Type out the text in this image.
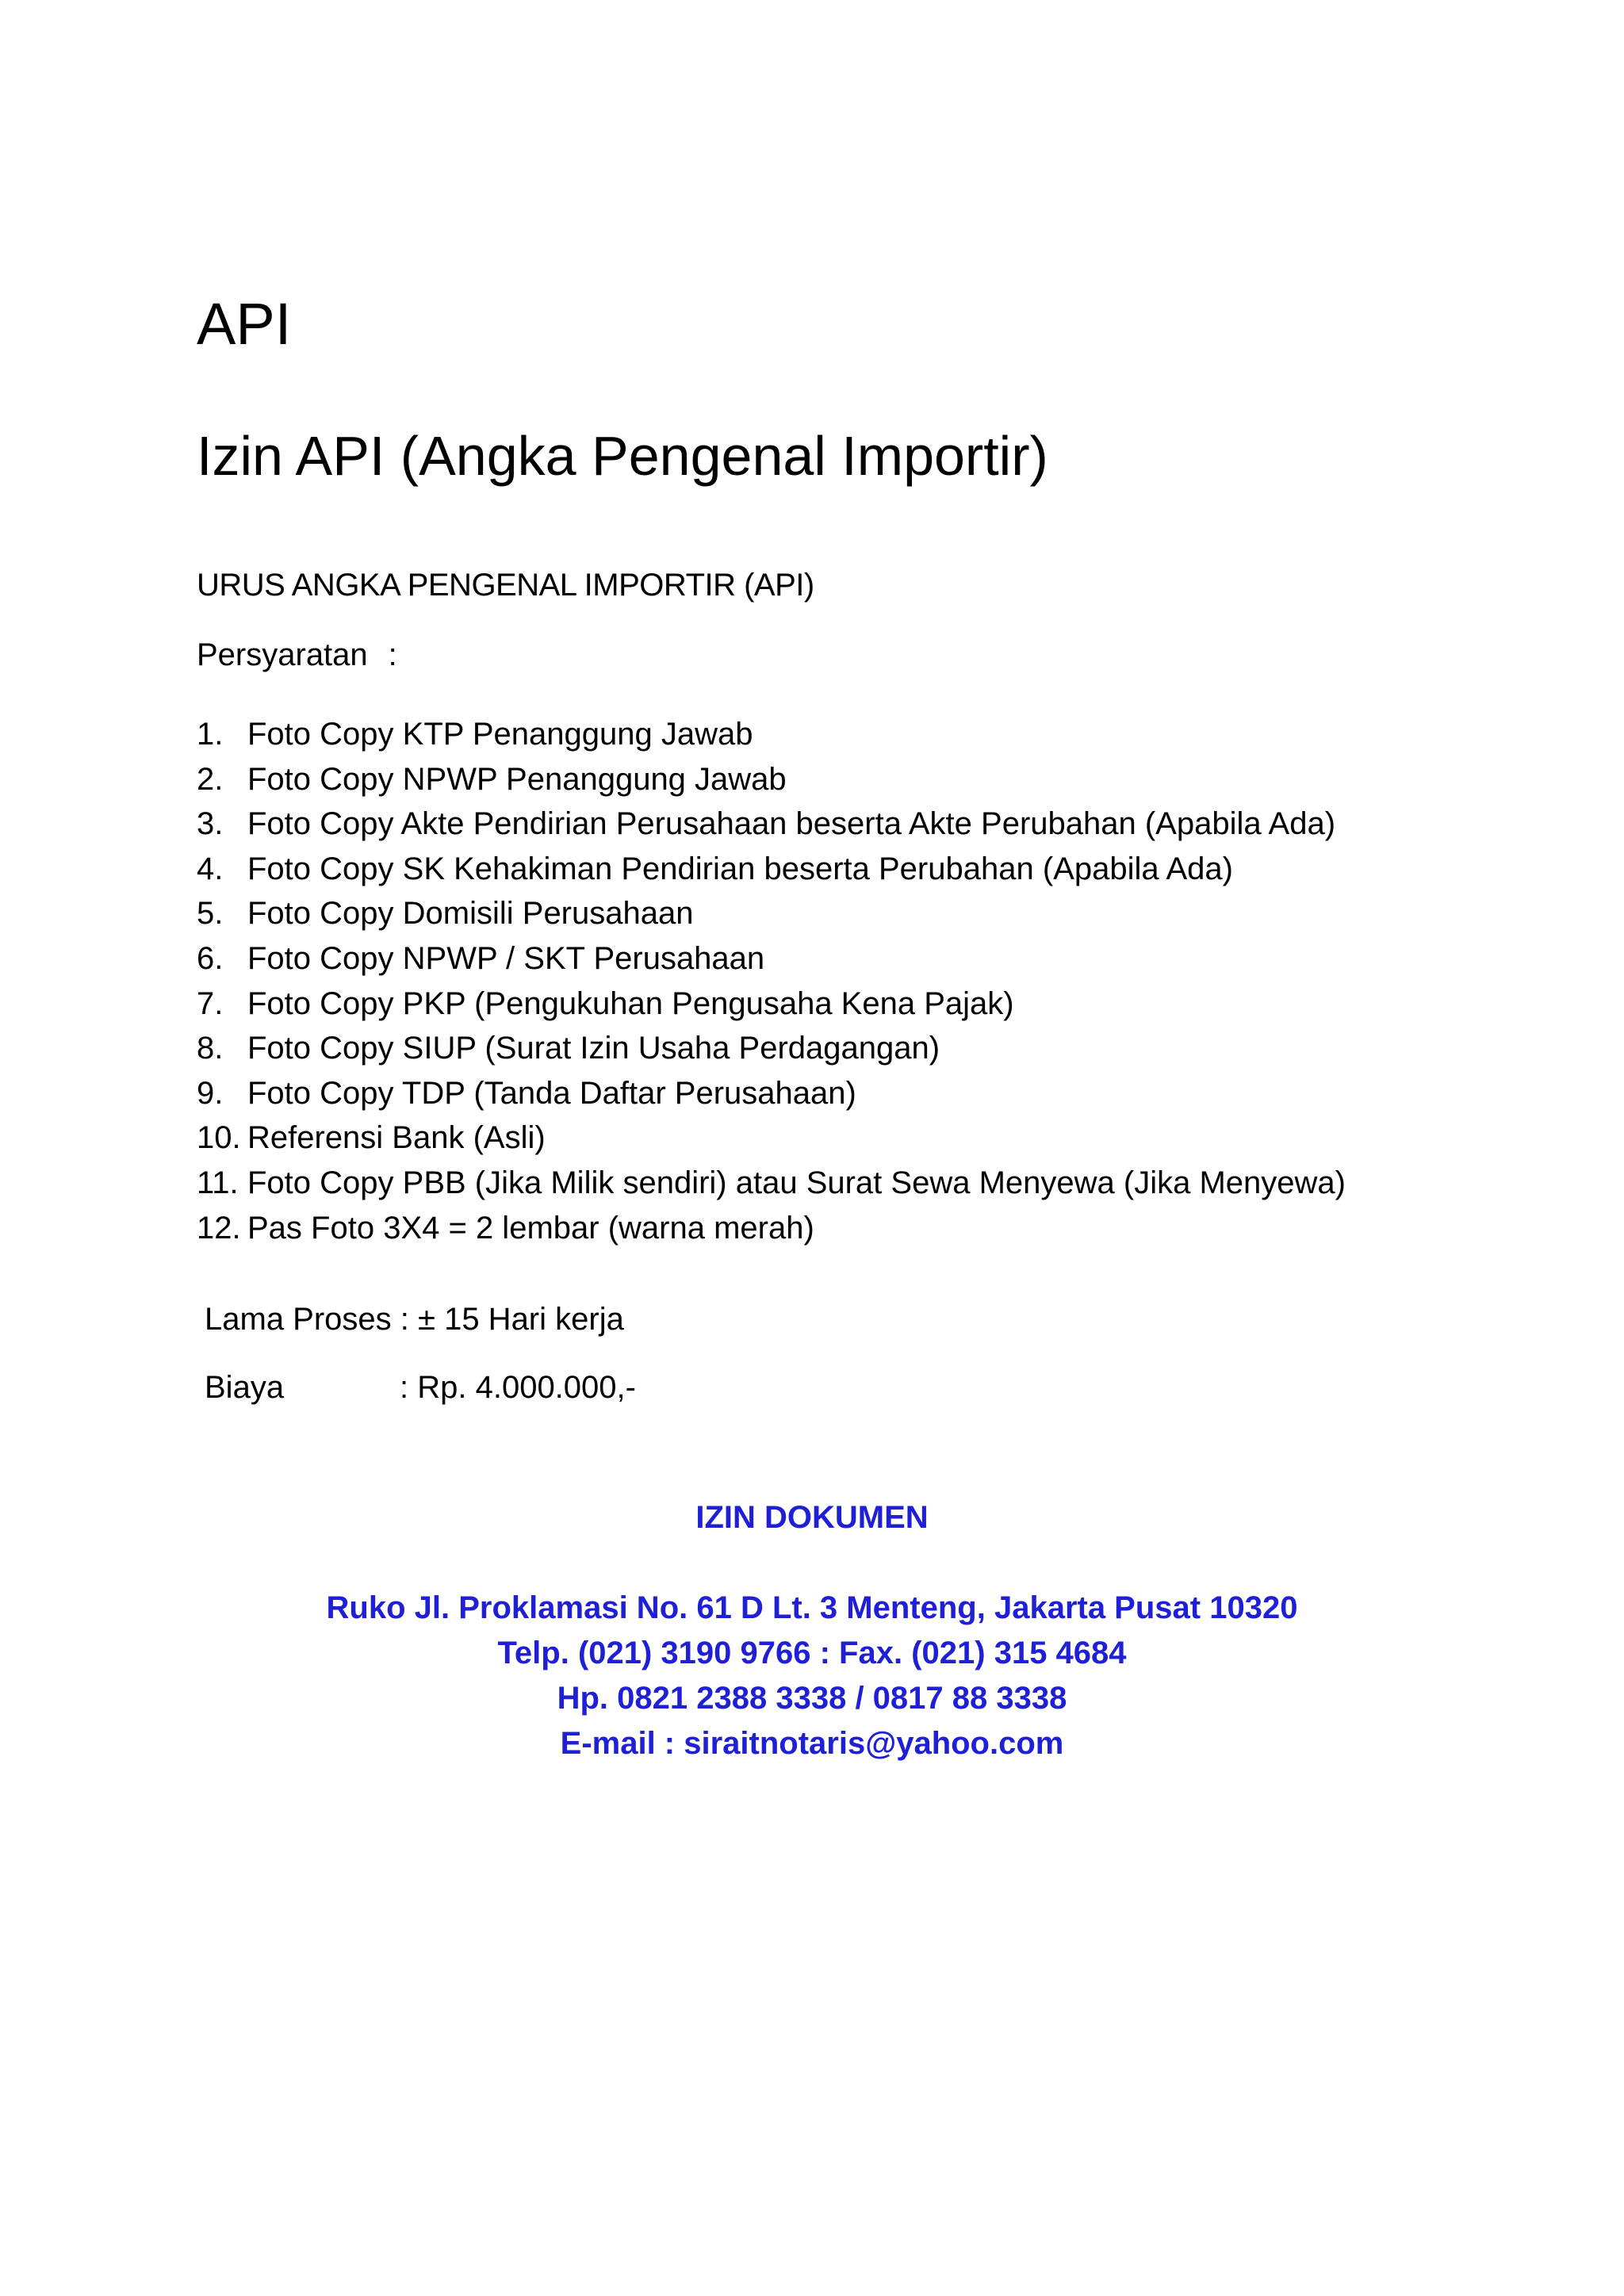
API
Izin API (Angka Pengenal Importir)
URUS ANGKA PENGENAL IMPORTIR (API)
Persyaratan :
1. Foto Copy KTP Penanggung Jawab
2. Foto Copy NPWP Penanggung Jawab
3. Foto Copy Akte Pendirian Perusahaan beserta Akte Perubahan (Apabila Ada)
4. Foto Copy SK Kehakiman Pendirian beserta Perubahan (Apabila Ada)
5. Foto Copy Domisili Perusahaan
6. Foto Copy NPWP / SKT Perusahaan
7. Foto Copy PKP (Pengukuhan Pengusaha Kena Pajak)
8. Foto Copy SIUP (Surat Izin Usaha Perdagangan)
9. Foto Copy TDP (Tanda Daftar Perusahaan)
10. Referensi Bank (Asli)
11. Foto Copy PBB (Jika Milik sendiri) atau Surat Sewa Menyewa (Jika Menyewa)
12. Pas Foto 3X4 = 2 lembar (warna merah)
Lama Proses : ± 15 Hari kerja
Biaya	: Rp. 4.000.000,-
IZIN DOKUMEN
Ruko Jl. Proklamasi No. 61 D Lt. 3 Menteng, Jakarta Pusat 10320
Telp. (021) 3190 9766 : Fax. (021) 315 4684
Hp. 0821 2388 3338 / 0817 88 3338
E-mail : siraitnotaris@yahoo.com
